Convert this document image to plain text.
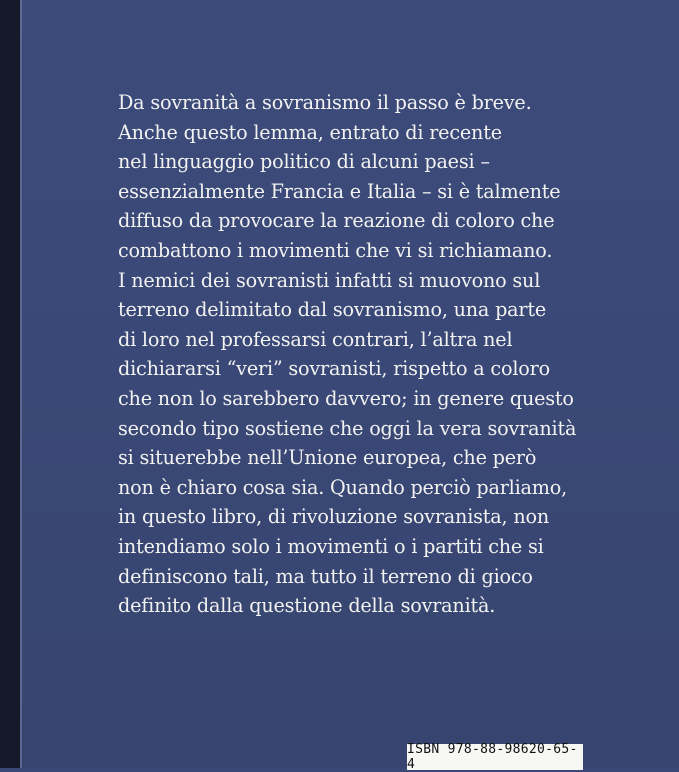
Da sovranità a sovranismo il passo è breve.
Anche questo lemma, entrato di recente
nel linguaggio politico di alcuni paesi –
essenzialmente Francia e Italia – si è talmente
diffuso da provocare la reazione di coloro che
combattono i movimenti che vi si richiamano.
I nemici dei sovranisti infatti si muovono sul
terreno delimitato dal sovranismo, una parte
di loro nel professarsi contrari, l’altra nel
dichiararsi “veri” sovranisti, rispetto a coloro
che non lo sarebbero davvero; in genere questo
secondo tipo sostiene che oggi la vera sovranità
si situerebbe nell’Unione europea, che però
non è chiaro cosa sia. Quando perciò parliamo,
in questo libro, di rivoluzione sovranista, non
intendiamo solo i movimenti o i partiti che si
definiscono tali, ma tutto il terreno di gioco
definito dalla questione della sovranità.

ISBN 978-88-98620-65-4
